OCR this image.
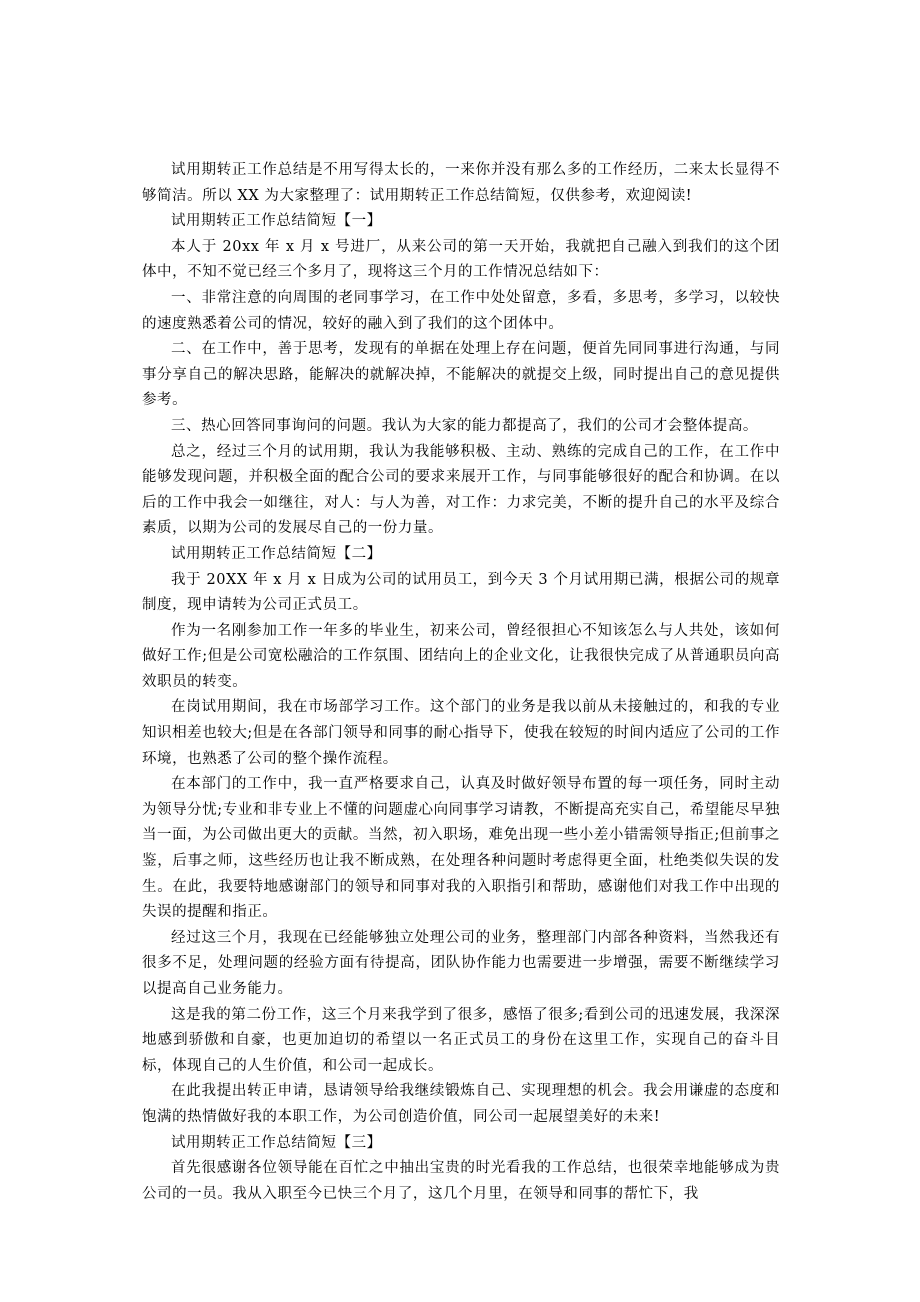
试用期转正工作总结是不用写得太长的，一来你并没有那么多的工作经历，二来太长显得不够简洁。所以 XX 为大家整理了：试用期转正工作总结简短，仅供参考，欢迎阅读!

试用期转正工作总结简短【一】

本人于 20xx 年 x 月 x 号进厂，从来公司的第一天开始，我就把自己融入到我们的这个团体中，不知不觉已经三个多月了，现将这三个月的工作情况总结如下：

一、非常注意的向周围的老同事学习，在工作中处处留意，多看，多思考，多学习，以较快的速度熟悉着公司的情况，较好的融入到了我们的这个团体中。

二、在工作中，善于思考，发现有的单据在处理上存在问题，便首先同同事进行沟通，与同事分享自己的解决思路，能解决的就解决掉，不能解决的就提交上级，同时提出自己的意见提供参考。

三、热心回答同事询问的问题。我认为大家的能力都提高了，我们的公司才会整体提高。

总之，经过三个月的试用期，我认为我能够积极、主动、熟练的完成自己的工作，在工作中能够发现问题，并积极全面的配合公司的要求来展开工作，与同事能够很好的配合和协调。在以后的工作中我会一如继往，对人：与人为善，对工作：力求完美，不断的提升自己的水平及综合素质，以期为公司的发展尽自己的一份力量。

试用期转正工作总结简短【二】

我于 20XX 年 x 月 x 日成为公司的试用员工，到今天 3 个月试用期已满，根据公司的规章制度，现申请转为公司正式员工。

作为一名刚参加工作一年多的毕业生，初来公司，曾经很担心不知该怎么与人共处，该如何做好工作;但是公司宽松融洽的工作氛围、团结向上的企业文化，让我很快完成了从普通职员向高效职员的转变。

在岗试用期间，我在市场部学习工作。这个部门的业务是我以前从未接触过的，和我的专业知识相差也较大;但是在各部门领导和同事的耐心指导下，使我在较短的时间内适应了公司的工作环境，也熟悉了公司的整个操作流程。

在本部门的工作中，我一直严格要求自己，认真及时做好领导布置的每一项任务，同时主动为领导分忧;专业和非专业上不懂的问题虚心向同事学习请教，不断提高充实自己，希望能尽早独当一面，为公司做出更大的贡献。当然，初入职场，难免出现一些小差小错需领导指正;但前事之鉴，后事之师，这些经历也让我不断成熟，在处理各种问题时考虑得更全面，杜绝类似失误的发生。在此，我要特地感谢部门的领导和同事对我的入职指引和帮助，感谢他们对我工作中出现的失误的提醒和指正。

经过这三个月，我现在已经能够独立处理公司的业务，整理部门内部各种资料，当然我还有很多不足，处理问题的经验方面有待提高，团队协作能力也需要进一步增强，需要不断继续学习以提高自己业务能力。

这是我的第二份工作，这三个月来我学到了很多，感悟了很多;看到公司的迅速发展，我深深地感到骄傲和自豪，也更加迫切的希望以一名正式员工的身份在这里工作，实现自己的奋斗目标，体现自己的人生价值，和公司一起成长。

在此我提出转正申请，恳请领导给我继续锻炼自己、实现理想的机会。我会用谦虚的态度和饱满的热情做好我的本职工作，为公司创造价值，同公司一起展望美好的未来!

试用期转正工作总结简短【三】

首先很感谢各位领导能在百忙之中抽出宝贵的时光看我的工作总结，也很荣幸地能够成为贵公司的一员。我从入职至今已快三个月了，这几个月里，在领导和同事的帮忙下，我
